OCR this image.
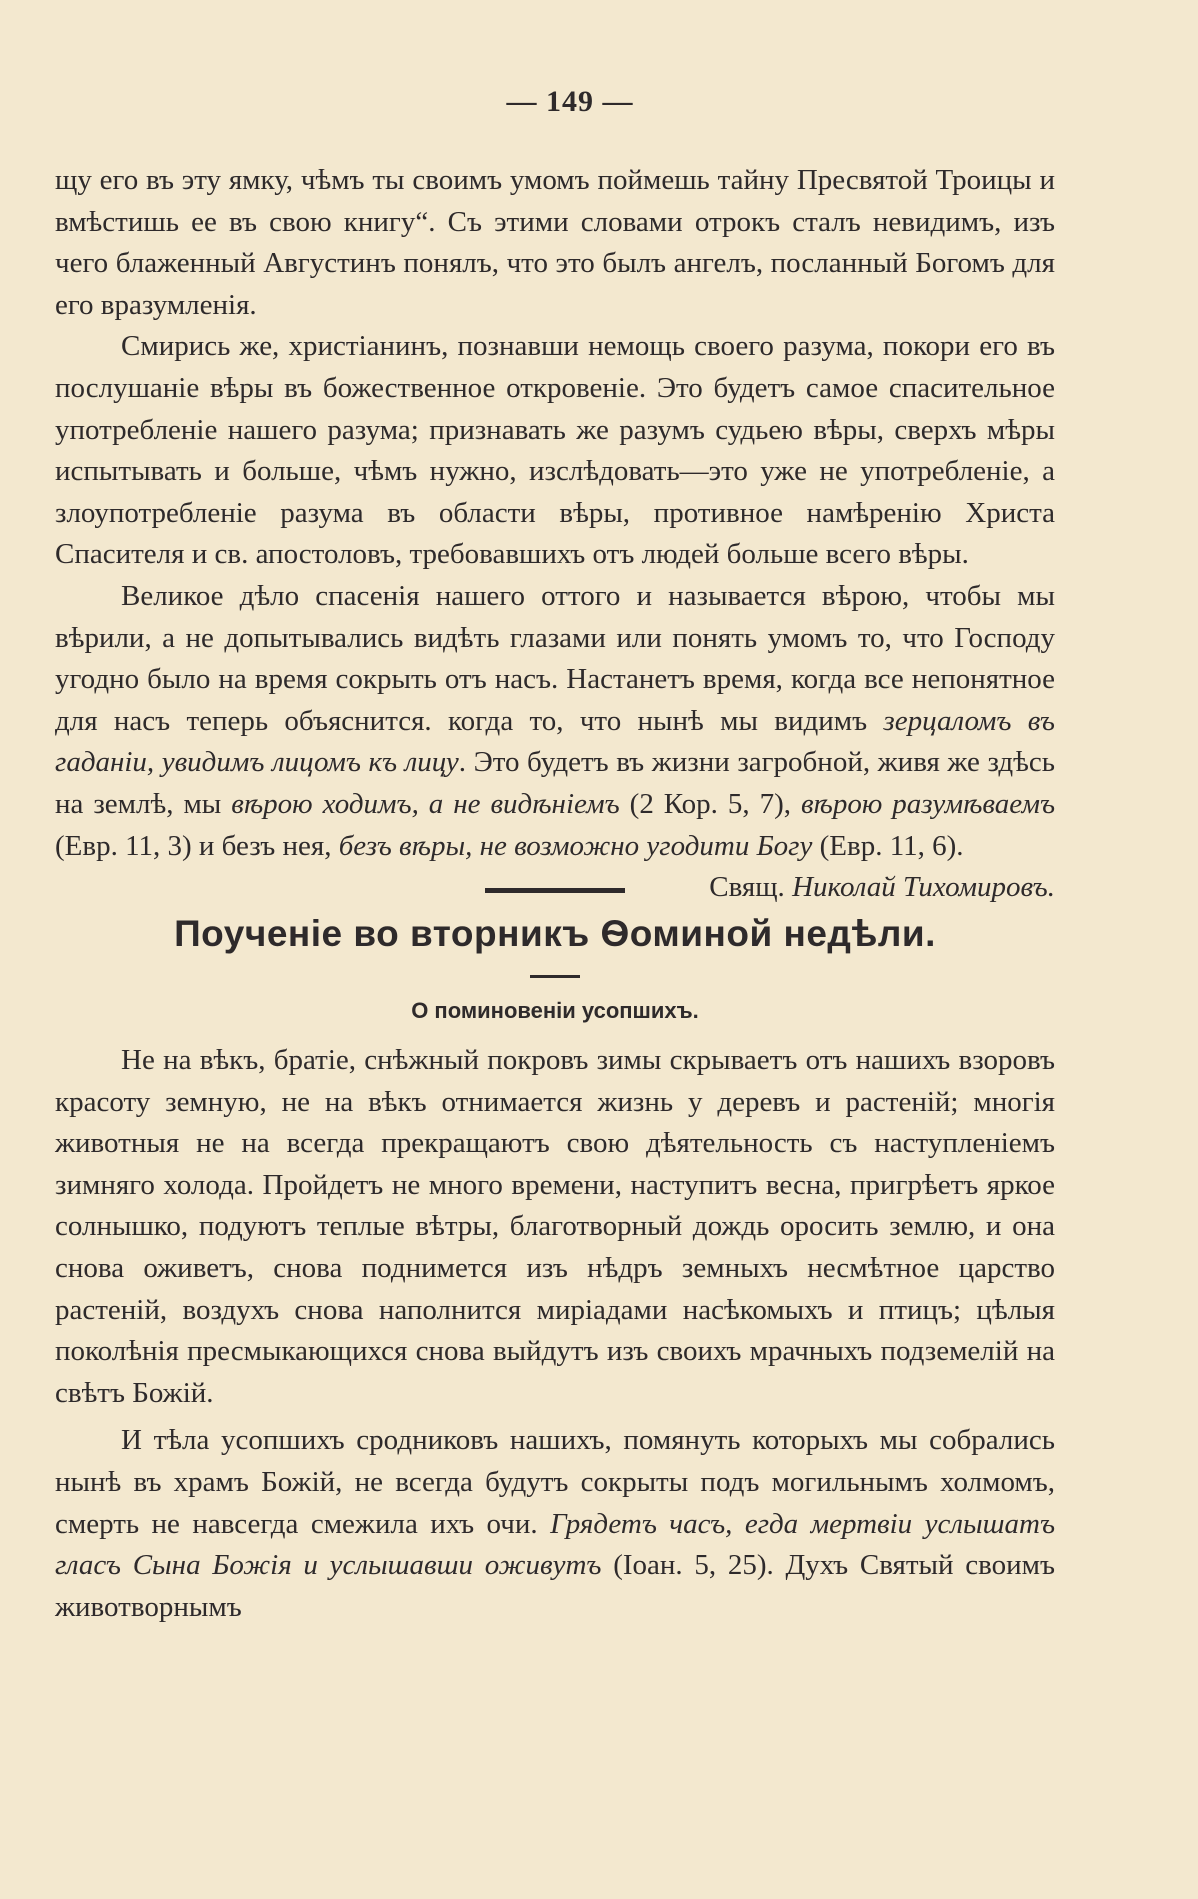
— 149 —

щу его въ эту ямку, чѣмъ ты своимъ умомъ поймешь тайну Пресвятой Троицы и вмѣстишь ее въ свою книгу“. Съ этими словами отрокъ сталъ невидимъ, изъ чего блаженный Августинъ понялъ, что это былъ ангелъ, посланный Богомъ для его вразумленія.

Смирись же, христіанинъ, познавши немощь своего разума, покори его въ послушаніе вѣры въ божественное откровеніе. Это будетъ самое спасительное употребленіе нашего разума; признавать же разумъ судьею вѣры, сверхъ мѣры испытывать и больше, чѣмъ нужно, изслѣдовать—это уже не употребленіе, а злоупотребленіе разума въ области вѣры, противное намѣренію Христа Спасителя и св. апостоловъ, требовавшихъ отъ людей больше всего вѣры.

Великое дѣло спасенія нашего оттого и называется вѣрою, чтобы мы вѣрили, а не допытывались видѣть глазами или понять умомъ то, что Господу угодно было на время сокрыть отъ насъ. Настанетъ время, когда все непонятное для насъ теперь объяснится. когда то, что нынѣ мы видимъ зерцаломъ въ гаданіи, увидимъ лицомъ къ лицу. Это будетъ въ жизни загробной, живя же здѣсь на землѣ, мы вѣрою ходимъ, а не видѣніемъ (2 Кор. 5, 7), вѣрою разумѣваемъ (Евр. 11, 3) и безъ нея, безъ вѣры, не возможно угодити Богу (Евр. 11, 6).
Свящ. Николай Тихомировъ.

Поученіе во вторникъ Ѳоминой недѣли.
О поминовеніи усопшихъ.

Не на вѣкъ, братіе, снѣжный покровъ зимы скрываетъ отъ нашихъ взоровъ красоту земную, не на вѣкъ отнимается жизнь у деревъ и растеній; многія животныя не на всегда прекращаютъ свою дѣятельность съ наступленіемъ зимняго холода. Пройдетъ не много времени, наступитъ весна, пригрѣетъ яркое солнышко, подуютъ теплые вѣтры, благотворный дождь оросить землю, и она снова оживетъ, снова поднимется изъ нѣдръ земныхъ несмѣтное царство растеній, воздухъ снова наполнится миріадами насѣкомыхъ и птицъ; цѣлыя поколѣнія пресмыкающихся снова выйдутъ изъ своихъ мрачныхъ подземелій на свѣтъ Божій.

И тѣла усопшихъ сродниковъ нашихъ, помянуть которыхъ мы собрались нынѣ въ храмъ Божій, не всегда будутъ сокрыты подъ могильнымъ холмомъ, смерть не навсегда смежила ихъ очи. Грядетъ часъ, егда мертвіи услышатъ гласъ Сына Божія и услышавши оживутъ (Іоан. 5, 25). Духъ Святый своимъ животворнымъ
